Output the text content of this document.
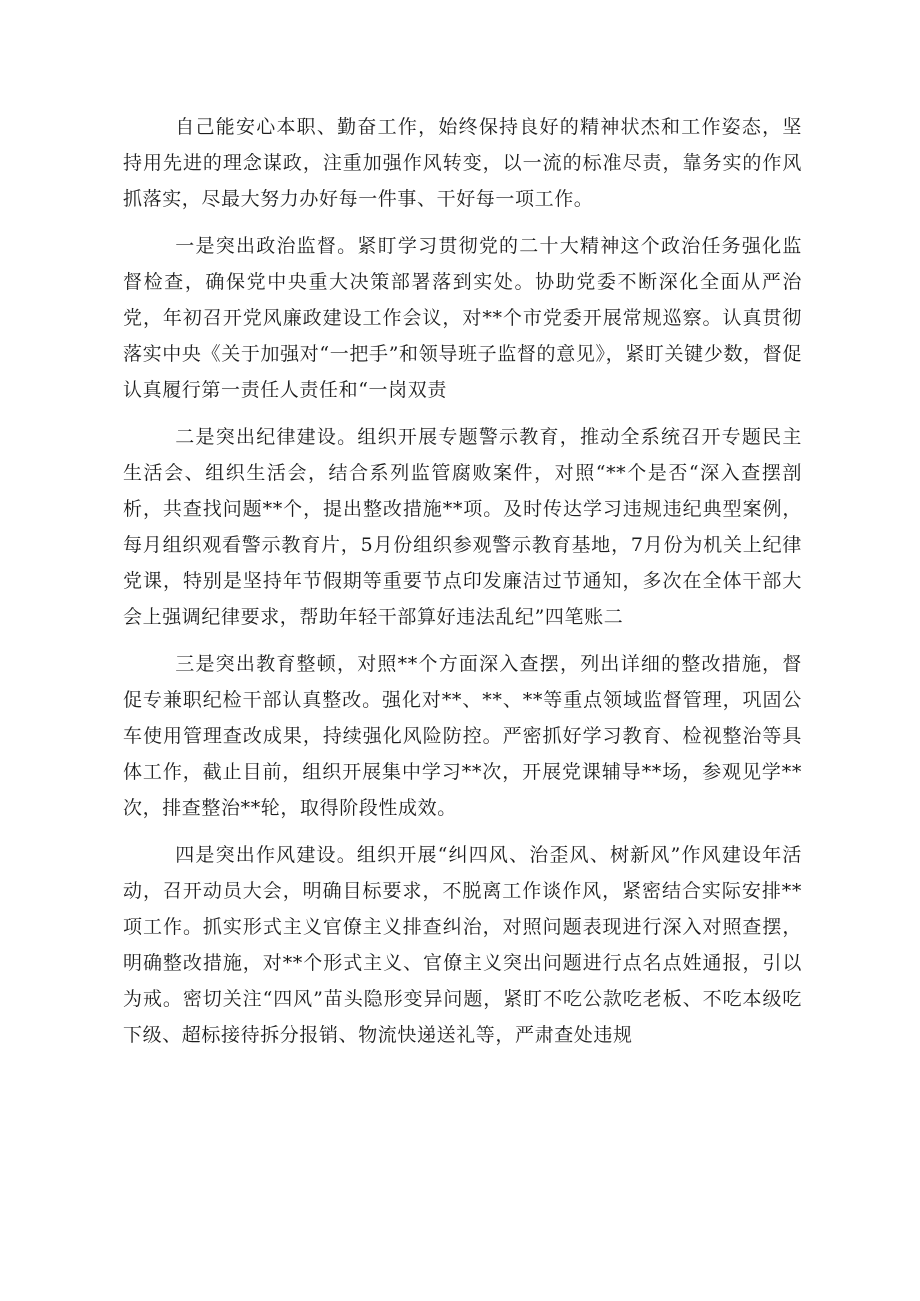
自己能安心本职、勤奋工作，始终保持良好的精神状杰和工作姿态，坚持用先进的理念谋政，注重加强作风转变，以一流的标准尽责，靠务实的作风抓落实，尽最大努力办好每一件事、干好每一项工作。

一是突出政治监督。紧盯学习贯彻党的二十大精神这个政治任务强化监督检查，确保党中央重大决策部署落到实处。协助党委不断深化全面从严治党，年初召开党风廉政建设工作会议，对**个市党委开展常规巡察。认真贯彻落实中央《关于加强对“一把手”和领导班子监督的意见》，紧盯关键少数，督促认真履行第一责任人责任和“一岗双责

二是突出纪律建设。组织开展专题警示教育，推动全系统召开专题民主生活会、组织生活会，结合系列监管腐败案件，对照“**个是否“深入查摆剖析，共查找问题**个，提出整改措施**项。及时传达学习违规违纪典型案例，每月组织观看警示教育片，5月份组织参观警示教育基地，7月份为机关上纪律党课，特别是坚持年节假期等重要节点印发廉洁过节通知，多次在全体干部大会上强调纪律要求，帮助年轻干部算好违法乱纪”四笔账二

三是突出教育整顿，对照**个方面深入查摆，列出详细的整改措施，督促专兼职纪检干部认真整改。强化对**、**、**等重点领域监督管理，巩固公车使用管理查改成果，持续强化风险防控。严密抓好学习教育、检视整治等具体工作，截止目前，组织开展集中学习**次，开展党课辅导**场，参观见学**次，排查整治**轮，取得阶段性成效。

四是突出作风建设。组织开展“纠四风、治歪风、树新风”作风建设年活动，召开动员大会，明确目标要求，不脱离工作谈作风，紧密结合实际安排**项工作。抓实形式主义官僚主义排查纠治，对照问题表现进行深入对照查摆，明确整改措施，对**个形式主义、官僚主义突出问题进行点名点姓通报，引以为戒。密切关注“四风”苗头隐形变异问题，紧盯不吃公款吃老板、不吃本级吃下级、超标接待拆分报销、物流快递送礼等，严肃查处违规
